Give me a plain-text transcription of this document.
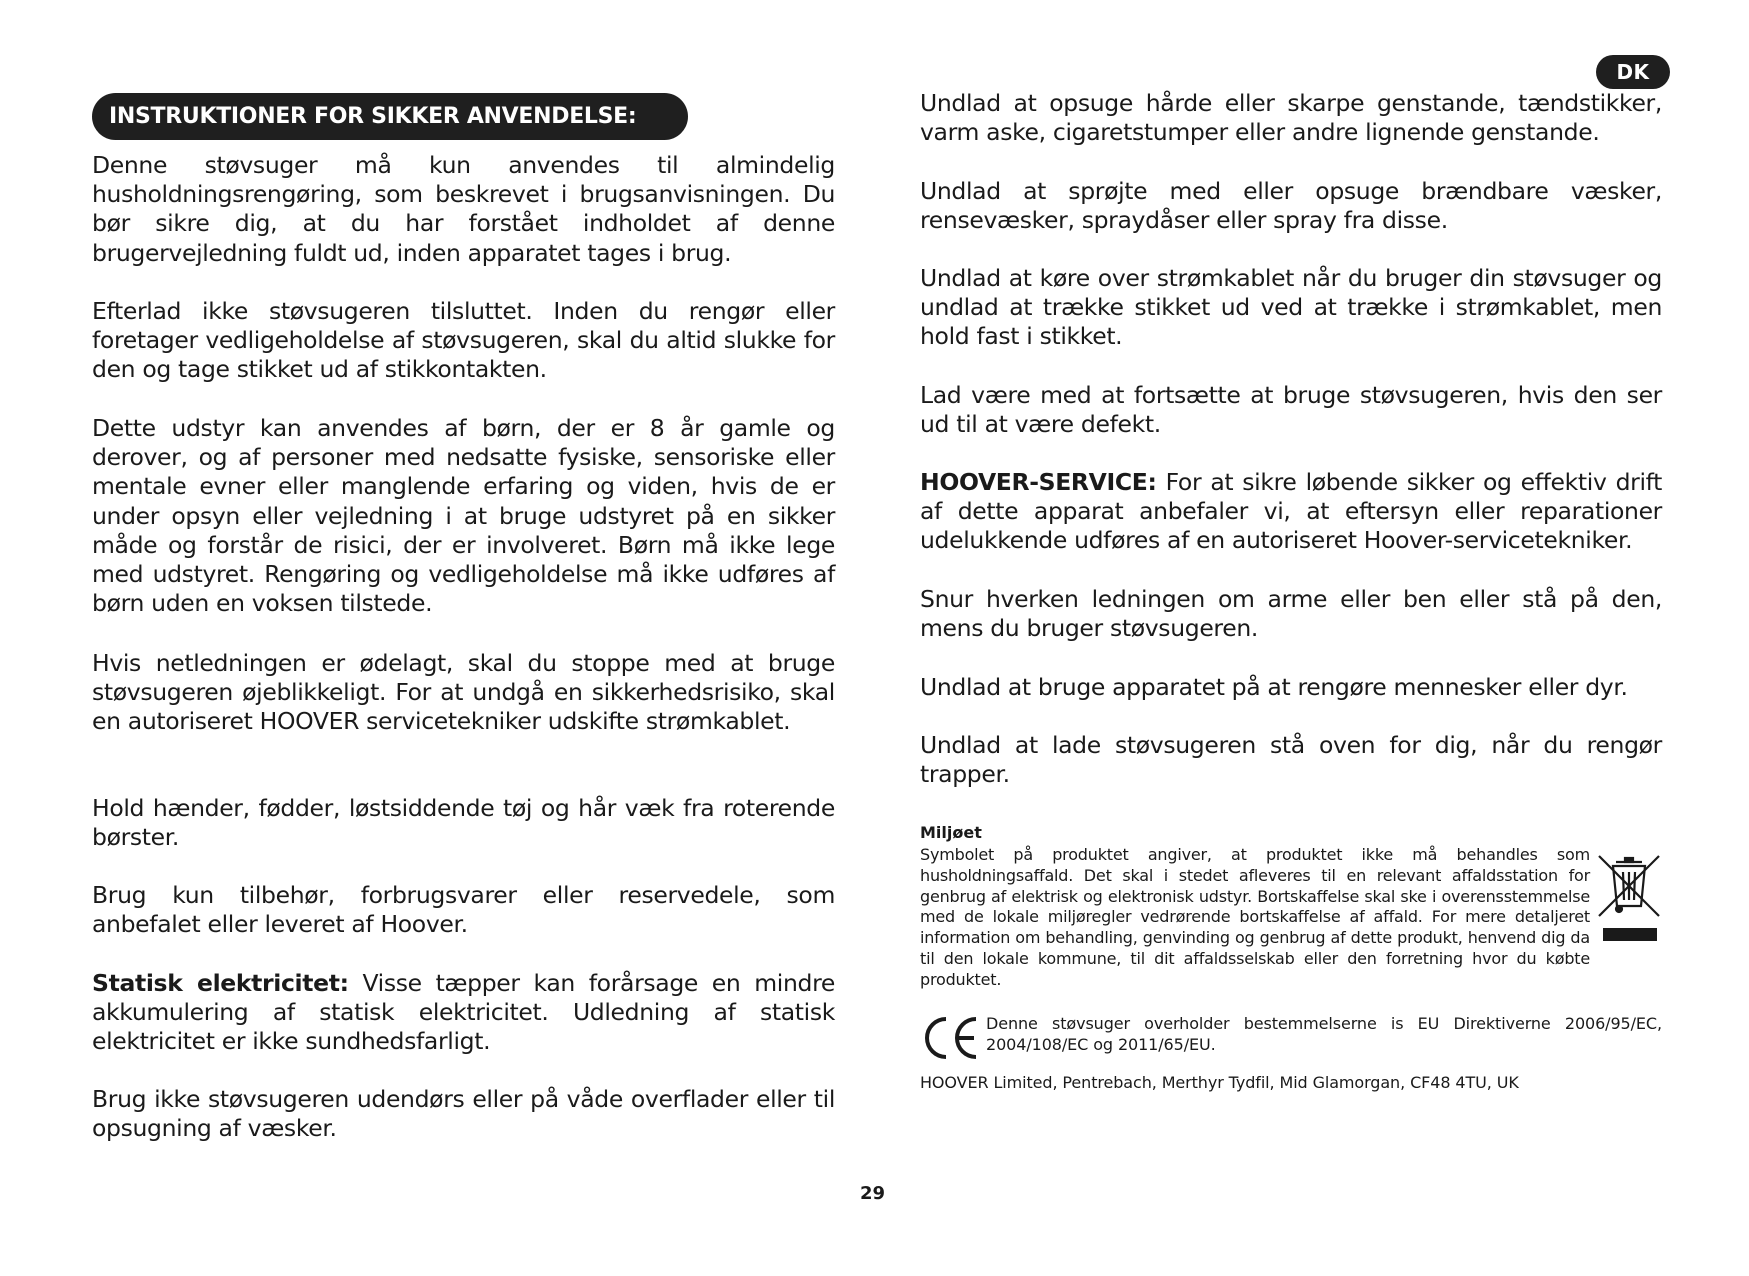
DK
INSTRUKTIONER FOR SIKKER ANVENDELSE:

Denne støvsuger må kun anvendes til almindelig husholdningsrengøring, som beskrevet i brugsanvisningen. Du bør sikre dig, at du har forstået indholdet af denne brugervejledning fuldt ud, inden apparatet tages i brug.

Efterlad ikke støvsugeren tilsluttet. Inden du rengør eller foretager vedligeholdelse af støvsugeren, skal du altid slukke for den og tage stikket ud af stikkontakten.

Dette udstyr kan anvendes af børn, der er 8 år gamle og derover, og af personer med nedsatte fysiske, sensoriske eller mentale evner eller manglende erfaring og viden, hvis de er under opsyn eller vejledning i at bruge udstyret på en sikker måde og forstår de risici, der er involveret. Børn må ikke lege med udstyret. Rengøring og vedligeholdelse må ikke udføres af børn uden en voksen tilstede.

Hvis netledningen er ødelagt, skal du stoppe med at bruge støvsugeren øjeblikkeligt. For at undgå en sikkerhedsrisiko, skal en autoriseret HOOVER servicetekniker udskifte strømkablet.

Hold hænder, fødder, løstsiddende tøj og hår væk fra roterende børster.

Brug kun tilbehør, forbrugsvarer eller reservedele, som anbefalet eller leveret af Hoover.

Statisk elektricitet: Visse tæpper kan forårsage en mindre akkumulering af statisk elektricitet. Udledning af statisk elektricitet er ikke sundhedsfarligt.

Brug ikke støvsugeren udendørs eller på våde overflader eller til opsugning af væsker.

Undlad at opsuge hårde eller skarpe genstande, tændstikker, varm aske, cigaretstumper eller andre lignende genstande.

Undlad at sprøjte med eller opsuge brændbare væsker, rensevæsker, spraydåser eller spray fra disse.

Undlad at køre over strømkablet når du bruger din støvsuger og undlad at trække stikket ud ved at trække i strømkablet, men hold fast i stikket.

Lad være med at fortsætte at bruge støvsugeren, hvis den ser ud til at være defekt.

HOOVER-SERVICE: For at sikre løbende sikker og effektiv drift af dette apparat anbefaler vi, at eftersyn eller reparationer udelukkende udføres af en autoriseret Hoover-servicetekniker.

Snur hverken ledningen om arme eller ben eller stå på den, mens du bruger støvsugeren.

Undlad at bruge apparatet på at rengøre mennesker eller dyr.

Undlad at lade støvsugeren stå oven for dig, når du rengør trapper.

Miljøet

Symbolet på produktet angiver, at produktet ikke må behandles som husholdningsaffald. Det skal i stedet afleveres til en relevant affaldsstation for genbrug af elektrisk og elektronisk udstyr. Bortskaffelse skal ske i overensstemmelse med de lokale miljøregler vedrørende bortskaffelse af affald. For mere detaljeret information om behandling, genvinding og genbrug af dette produkt, henvend dig da til den lokale kommune, til dit affaldsselskab eller den forretning hvor du købte produktet.

Denne støvsuger overholder bestemmelserne is EU Direktiverne 2006/95/EC, 2004/108/EC og 2011/65/EU.

HOOVER Limited, Pentrebach, Merthyr Tydfil, Mid Glamorgan, CF48 4TU, UK

29
